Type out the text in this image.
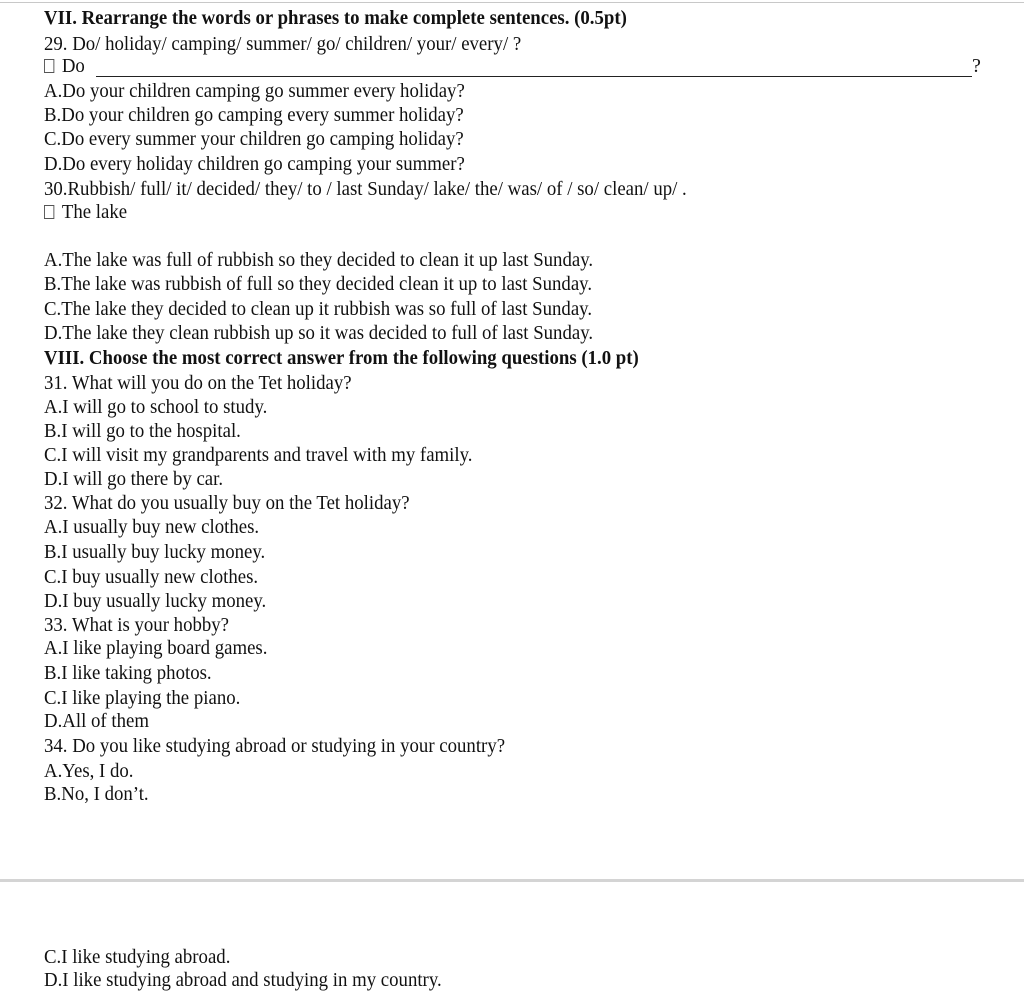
VII. Rearrange the words or phrases to make complete sentences. (0.5pt)
29. Do/ holiday/ camping/ summer/ go/ children/ your/ every/ ?
Do	?
A.Do your children camping go summer every holiday?
B.Do your children go camping every summer holiday?
C.Do every summer your children go camping holiday?
D.Do every holiday children go camping your summer?
30.Rubbish/ full/ it/ decided/ they/ to / last Sunday/ lake/ the/ was/ of / so/ clean/ up/ .
The lake
A.The lake was full of rubbish so they decided to clean it up last Sunday.
B.The lake was rubbish of full so they decided clean it up to last Sunday.
C.The lake they decided to clean up it rubbish was so full of last Sunday.
D.The lake they clean rubbish up so it was decided to full of last Sunday.
VIII. Choose the most correct answer from the following questions (1.0 pt)
31. What will you do on the Tet holiday?
A.I will go to school to study.
B.I will go to the hospital.
C.I will visit my grandparents and travel with my family.
D.I will go there by car.
32. What do you usually buy on the Tet holiday?
A.I usually buy new clothes.
B.I usually buy lucky money.
C.I buy usually new clothes.
D.I buy usually lucky money.
33. What is your hobby?
A.I like playing board games.
B.I like taking photos.
C.I like playing the piano.
D.All of them
34. Do you like studying abroad or studying in your country?
A.Yes, I do.
B.No, I don’t.
C.I like studying abroad.
D.I like studying abroad and studying in my country.
